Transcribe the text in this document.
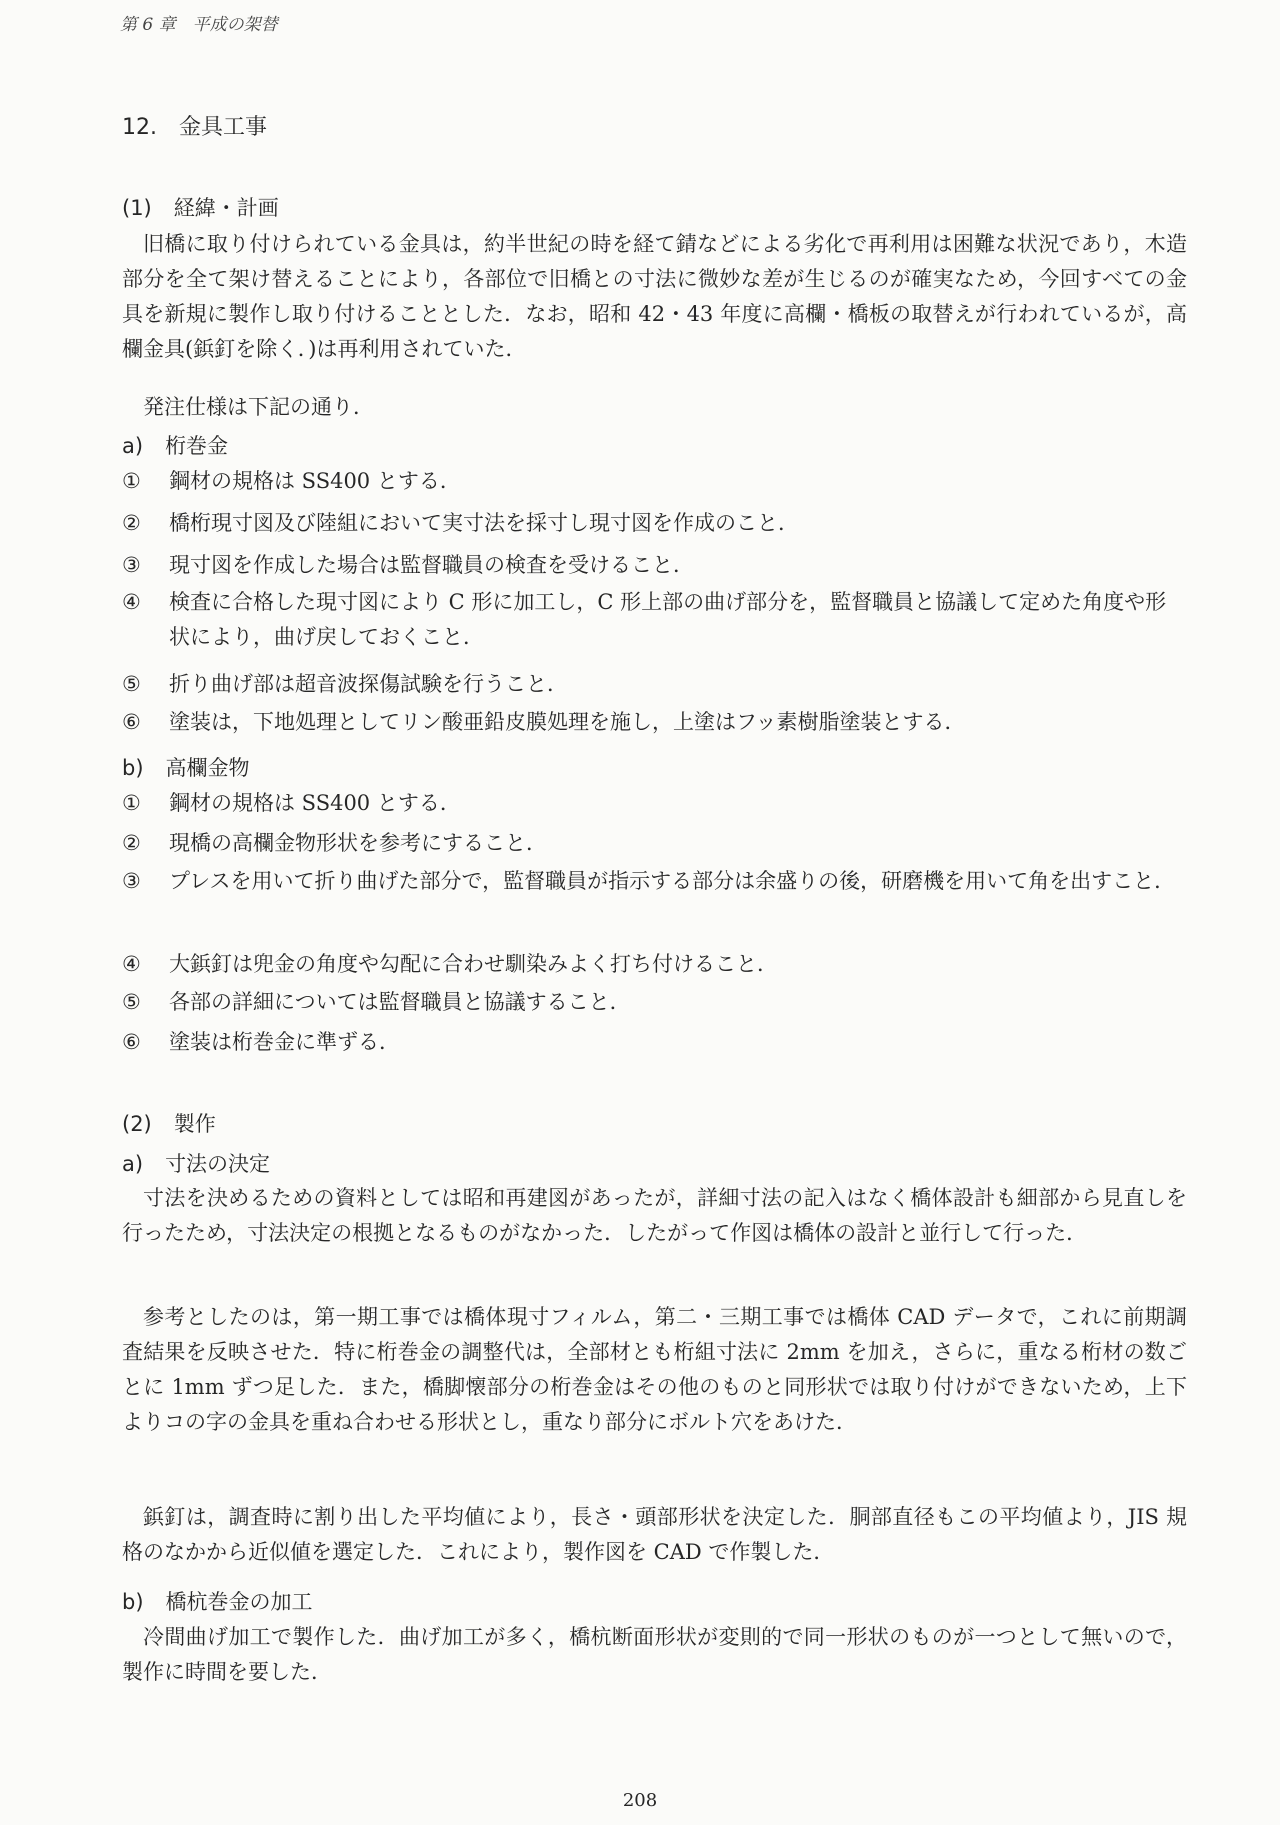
第 6 章　平成の架替
12. 金具工事
(1) 経緯・計画
旧橋に取り付けられている金具は，約半世紀の時を経て錆などによる劣化で再利用は困難な状況であり，木造部分を全て架け替えることにより，各部位で旧橋との寸法に微妙な差が生じるのが確実なため，今回すべての金具を新規に製作し取り付けることとした．なお，昭和 42・43 年度に高欄・橋板の取替えが行われているが，高欄金具(鋲釘を除く．)は再利用されていた．
発注仕様は下記の通り．
a) 桁巻金
①	鋼材の規格は SS400 とする．
②	橋桁現寸図及び陸組において実寸法を採寸し現寸図を作成のこと．
③	現寸図を作成した場合は監督職員の検査を受けること．
④	検査に合格した現寸図により C 形に加工し，C 形上部の曲げ部分を，監督職員と協議して定めた角度や形状により，曲げ戻しておくこと．
⑤	折り曲げ部は超音波探傷試験を行うこと．
⑥	塗装は，下地処理としてリン酸亜鉛皮膜処理を施し，上塗はフッ素樹脂塗装とする．
b) 高欄金物
①	鋼材の規格は SS400 とする．
②	現橋の高欄金物形状を参考にすること．
③	プレスを用いて折り曲げた部分で，監督職員が指示する部分は余盛りの後，研磨機を用いて角を出すこと．
④	大鋲釘は兜金の角度や勾配に合わせ馴染みよく打ち付けること．
⑤	各部の詳細については監督職員と協議すること．
⑥	塗装は桁巻金に準ずる．
(2) 製作
a) 寸法の決定
寸法を決めるための資料としては昭和再建図があったが，詳細寸法の記入はなく橋体設計も細部から見直しを行ったため，寸法決定の根拠となるものがなかった．したがって作図は橋体の設計と並行して行った．
参考としたのは，第一期工事では橋体現寸フィルム，第二・三期工事では橋体 CAD データで，これに前期調査結果を反映させた．特に桁巻金の調整代は，全部材とも桁組寸法に 2mm を加え，さらに，重なる桁材の数ごとに 1mm ずつ足した．また，橋脚懐部分の桁巻金はその他のものと同形状では取り付けができないため，上下よりコの字の金具を重ね合わせる形状とし，重なり部分にボルト穴をあけた．
鋲釘は，調査時に割り出した平均値により，長さ・頭部形状を決定した．胴部直径もこの平均値より，JIS 規格のなかから近似値を選定した．これにより，製作図を CAD で作製した．
b) 橋杭巻金の加工
冷間曲げ加工で製作した．曲げ加工が多く，橋杭断面形状が変則的で同一形状のものが一つとして無いので，製作に時間を要した．
208
